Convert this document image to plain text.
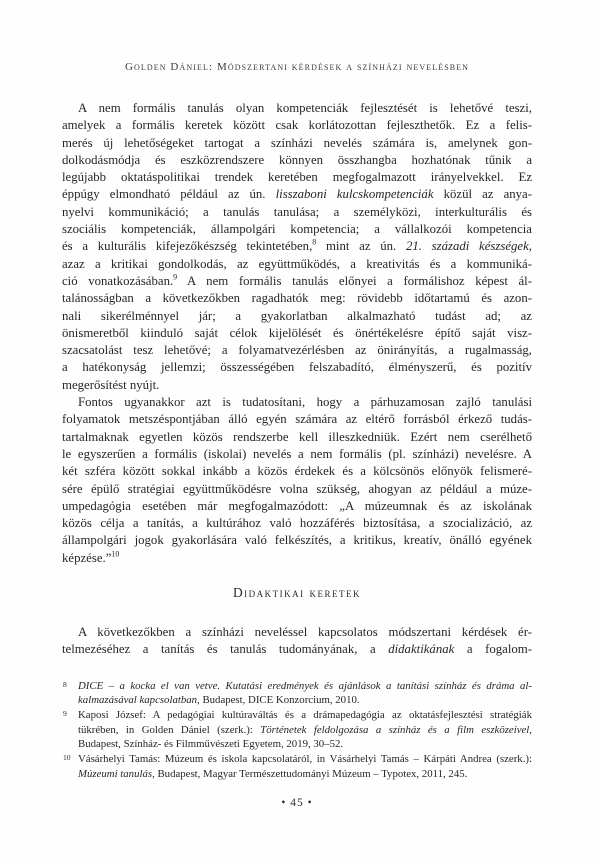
Golden Dániel: Módszertani kérdések a színházi nevelésben
A nem formális tanulás olyan kompetenciák fejlesztését is lehetővé teszi,
amelyek a formális keretek között csak korlátozottan fejleszthetők. Ez a felis-
merés új lehetőségeket tartogat a színházi nevelés számára is, amelynek gon-
dolkodásmódja és eszközrendszere könnyen összhangba hozhatónak tűnik a
legújabb oktatáspolitikai trendek keretében megfogalmazott irányelvekkel. Ez
éppúgy elmondható például az ún. lisszaboni kulcskompetenciák közül az anya-
nyelvi kommunikáció; a tanulás tanulása; a személyközi, interkulturális és
szociális kompetenciák, állampolgári kompetencia; a vállalkozói kompetencia
és a kulturális kifejezőkészség tekintetében,$^8$ mint az ún. 21. századi készségek,
azaz a kritikai gondolkodás, az együttműködés, a kreativitás és a kommuniká-
ció vonatkozásában.$^9$ A nem formális tanulás előnyei a formálishoz képest ál-
talánosságban a következőkben ragadhatók meg: rövidebb időtartamú és azon-
nali sikerélménnyel jár; a gyakorlatban alkalmazható tudást ad; az
önismeretből kiinduló saját célok kijelölését és önértékelésre építő saját visz-
szacsatolást tesz lehetővé; a folyamatvezérlésben az önirányítás, a rugalmasság,
a hatékonyság jellemzi; összességében felszabadító, élményszerű, és pozitív
megerősítést nyújt.
Fontos ugyanakkor azt is tudatosítani, hogy a párhuzamosan zajló tanulási
folyamatok metszéspontjában álló egyén számára az eltérő forrásból érkező tudás-
tartalmaknak egyetlen közös rendszerbe kell illeszkedniük. Ezért nem cserélhető
le egyszerűen a formális (iskolai) nevelés a nem formális (pl. színházi) nevelésre. A
két szféra között sokkal inkább a közös érdekek és a kölcsönös előnyök felismeré-
sére épülő stratégiai együttműködésre volna szükség, ahogyan az például a múze-
umpedagógia esetében már megfogalmazódott: „A múzeumnak és az iskolának
közös célja a tanítás, a kultúrához való hozzáférés biztosítása, a szocializáció, az
állampolgári jogok gyakorlására való felkészítés, a kritikus, kreatív, önálló egyének
képzése.”$^{10}$
Didaktikai keretek
A következőkben a színházi neveléssel kapcsolatos módszertani kérdések ér-
telmezéséhez a tanítás és tanulás tudományának, a didaktikának a fogalom-
8 DICE – a kocka el van vetve. Kutatási eredmények és ajánlások a tanítási színház és dráma al-
kalmazásával kapcsolatban, Budapest, DICE Konzorcium, 2010.
9 Kaposi József: A pedagógiai kultúraváltás és a drámapedagógia az oktatásfejlesztési stratégiák
tükrében, in Golden Dániel (szerk.): Történetek feldolgozása a színház és a film eszközeivel,
Budapest, Színház- és Filmművészeti Egyetem, 2019, 30–52.
10 Vásárhelyi Tamás: Múzeum és iskola kapcsolatáról, in Vásárhelyi Tamás – Kárpáti Andrea (szerk.):
Múzeumi tanulás, Budapest, Magyar Természettudományi Múzeum – Typotex, 2011, 245.
• 45 •
